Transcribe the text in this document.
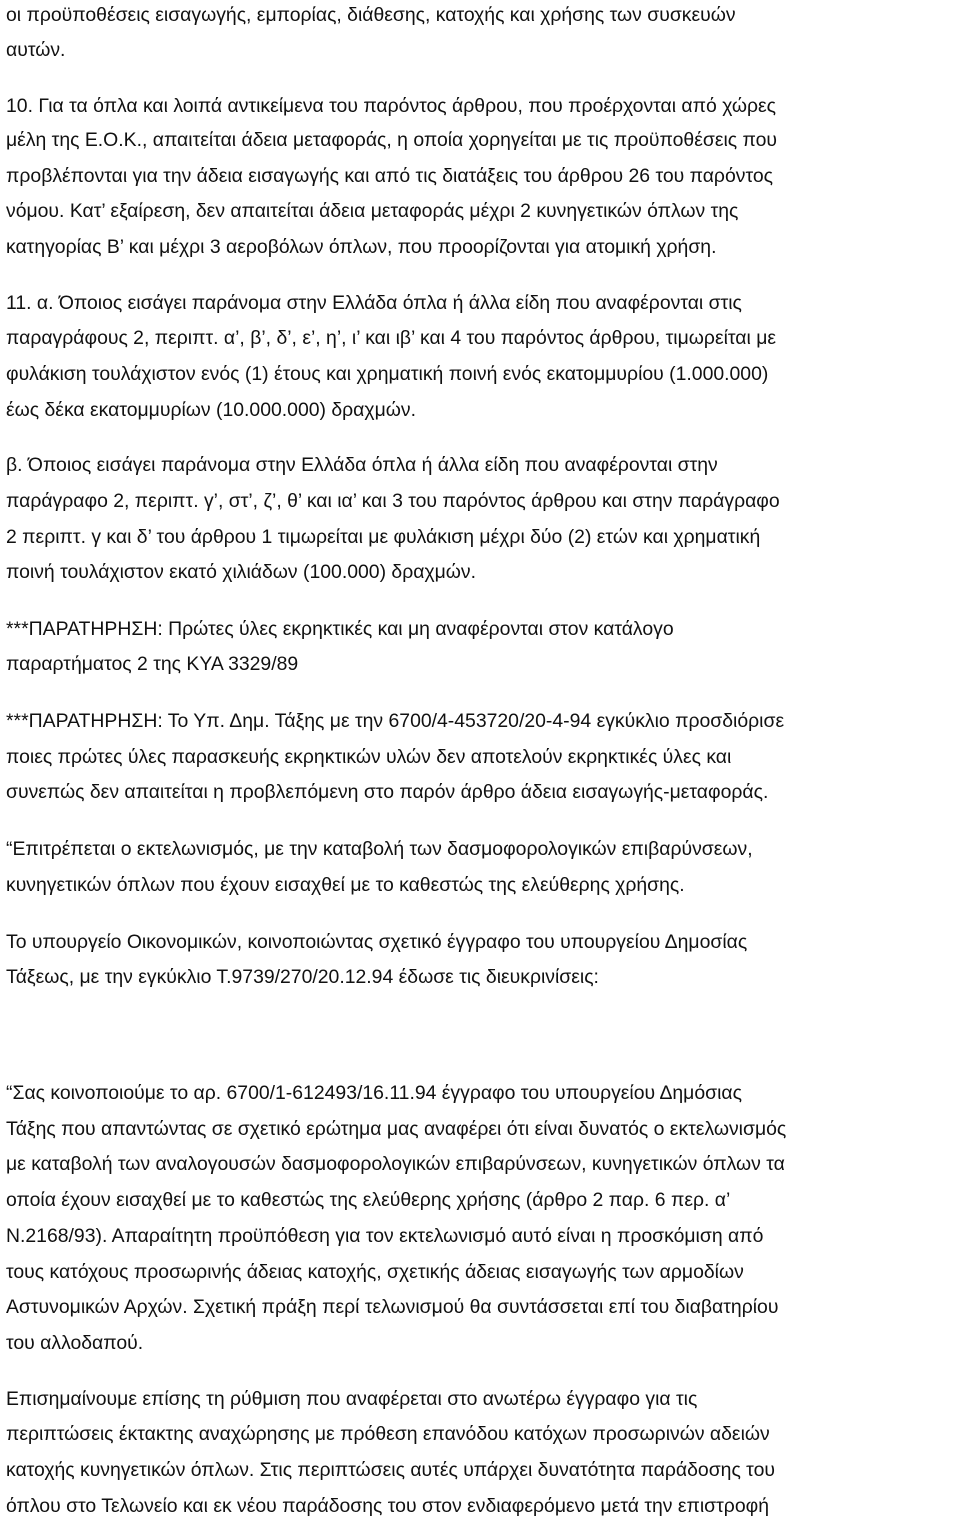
οι προϋποθέσεις εισαγωγής, εμπορίας, διάθεσης, κατοχής και χρήσης των συσκευών
αυτών.
10. Για τα όπλα και λοιπά αντικείμενα του παρόντος άρθρου, που προέρχονται από χώρες
μέλη της Ε.Ο.Κ., απαιτείται άδεια μεταφοράς, η οποία χορηγείται με τις προϋποθέσεις που
προβλέπονται για την άδεια εισαγωγής και από τις διατάξεις του άρθρου 26 του παρόντος
νόμου. Κατ’ εξαίρεση, δεν απαιτείται άδεια μεταφοράς μέχρι 2 κυνηγετικών όπλων της
κατηγορίας Β’ και μέχρι 3 αεροβόλων όπλων, που προορίζονται για ατομική χρήση.
11. α. Όποιος εισάγει παράνομα στην Ελλάδα όπλα ή άλλα είδη που αναφέρονται στις
παραγράφους 2, περιπτ. α’, β’, δ’, ε’, η’, ι’ και ιβ’ και 4 του παρόντος άρθρου, τιμωρείται με
φυλάκιση τουλάχιστον ενός (1) έτους και χρηματική ποινή ενός εκατομμυρίου (1.000.000)
έως δέκα εκατομμυρίων (10.000.000) δραχμών.
β. Όποιος εισάγει παράνομα στην Ελλάδα όπλα ή άλλα είδη που αναφέρονται στην
παράγραφο 2, περιπτ. γ’, στ’, ζ’, θ’ και ια’ και 3 του παρόντος άρθρου και στην παράγραφο
2 περιπτ. γ και δ’ του άρθρου 1 τιμωρείται με φυλάκιση μέχρι δύο (2) ετών και χρηματική
ποινή τουλάχιστον εκατό χιλιάδων (100.000) δραχμών.
***ΠΑΡΑΤΗΡΗΣΗ: Πρώτες ύλες εκρηκτικές και μη αναφέρονται στον κατάλογο
παραρτήματος 2 της ΚΥΑ 3329/89
***ΠΑΡΑΤΗΡΗΣΗ: Το Υπ. Δημ. Τάξης με την 6700/4-453720/20-4-94 εγκύκλιο προσδιόρισε
ποιες πρώτες ύλες παρασκευής εκρηκτικών υλών δεν αποτελούν εκρηκτικές ύλες και
συνεπώς δεν απαιτείται η προβλεπόμενη στο παρόν άρθρο άδεια εισαγωγής-μεταφοράς.
“Επιτρέπεται ο εκτελωνισμός, με την καταβολή των δασμοφορολογικών επιβαρύνσεων,
κυνηγετικών όπλων που έχουν εισαχθεί με το καθεστώς της ελεύθερης χρήσης.
Το υπουργείο Οικονομικών, κοινοποιώντας σχετικό έγγραφο του υπουργείου Δημοσίας
Τάξεως, με την εγκύκλιο Τ.9739/270/20.12.94 έδωσε τις διευκρινίσεις:
“Σας κοινοποιούμε το αρ. 6700/1-612493/16.11.94 έγγραφο του υπουργείου Δημόσιας
Τάξης που απαντώντας σε σχετικό ερώτημα μας αναφέρει ότι είναι δυνατός ο εκτελωνισμός
με καταβολή των αναλογουσών δασμοφορολογικών επιβαρύνσεων, κυνηγετικών όπλων τα
οποία έχουν εισαχθεί με το καθεστώς της ελεύθερης χρήσης (άρθρο 2 παρ. 6 περ. α’
Ν.2168/93). Απαραίτητη προϋπόθεση για τον εκτελωνισμό αυτό είναι η προσκόμιση από
τους κατόχους προσωρινής άδειας κατοχής, σχετικής άδειας εισαγωγής των αρμοδίων
Αστυνομικών Αρχών. Σχετική πράξη περί τελωνισμού θα συντάσσεται επί του διαβατηρίου
του αλλοδαπού.
Επισημαίνουμε επίσης τη ρύθμιση που αναφέρεται στο ανωτέρω έγγραφο για τις
περιπτώσεις έκτακτης αναχώρησης με πρόθεση επανόδου κατόχων προσωρινών αδειών
κατοχής κυνηγετικών όπλων. Στις περιπτώσεις αυτές υπάρχει δυνατότητα παράδοσης του
όπλου στο Τελωνείο και εκ νέου παράδοσης του στον ενδιαφερόμενο μετά την επιστροφή
